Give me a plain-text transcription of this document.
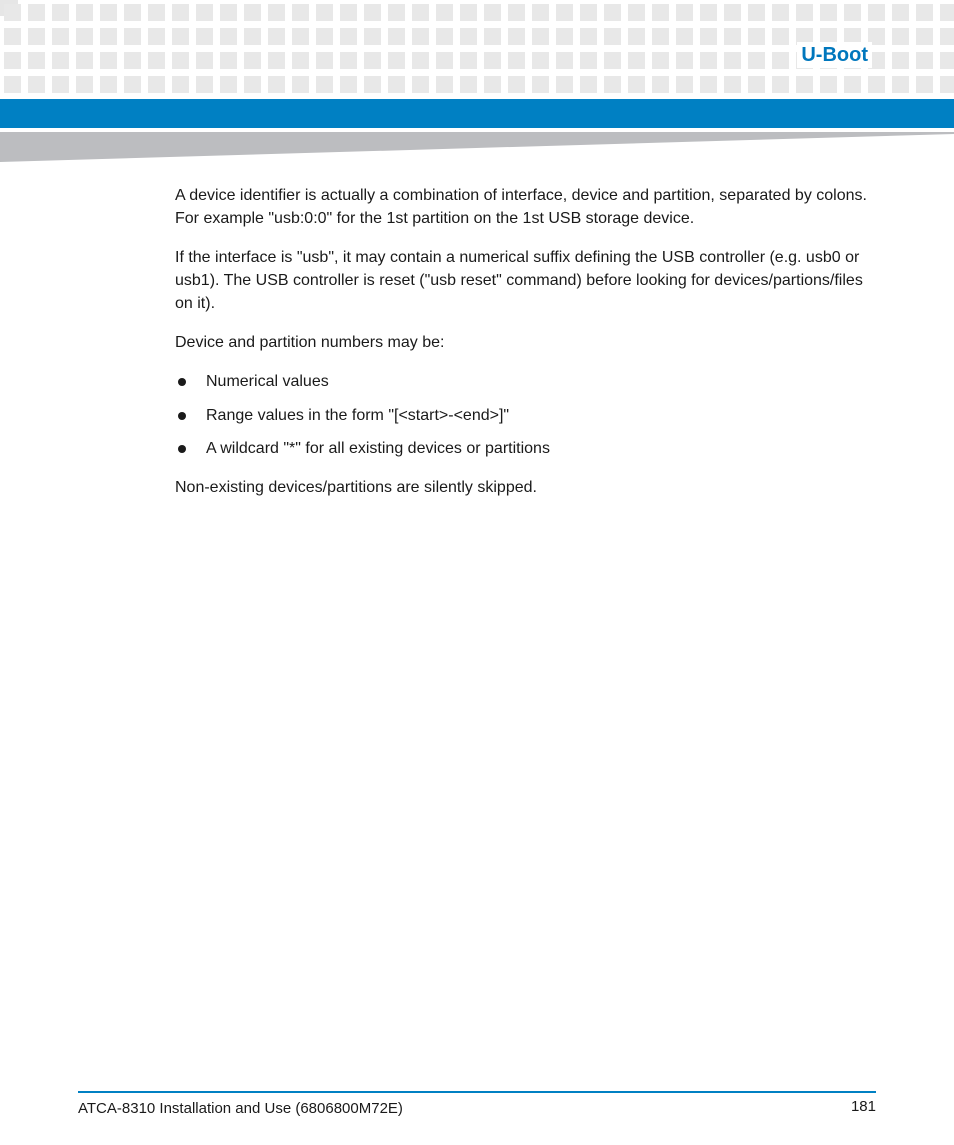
U-Boot

A device identifier is actually a combination of interface, device and partition, separated by colons. For example "usb:0:0" for the 1st partition on the 1st USB storage device.

If the interface is "usb", it may contain a numerical suffix defining the USB controller (e.g. usb0 or usb1). The USB controller is reset ("usb reset" command) before looking for devices/partions/files on it).

Device and partition numbers may be:

Numerical values
Range values in the form "[<start>-<end>]"
A wildcard "*" for all existing devices or partitions

Non-existing devices/partitions are silently skipped.

ATCA-8310 Installation and Use (6806800M72E)	181
